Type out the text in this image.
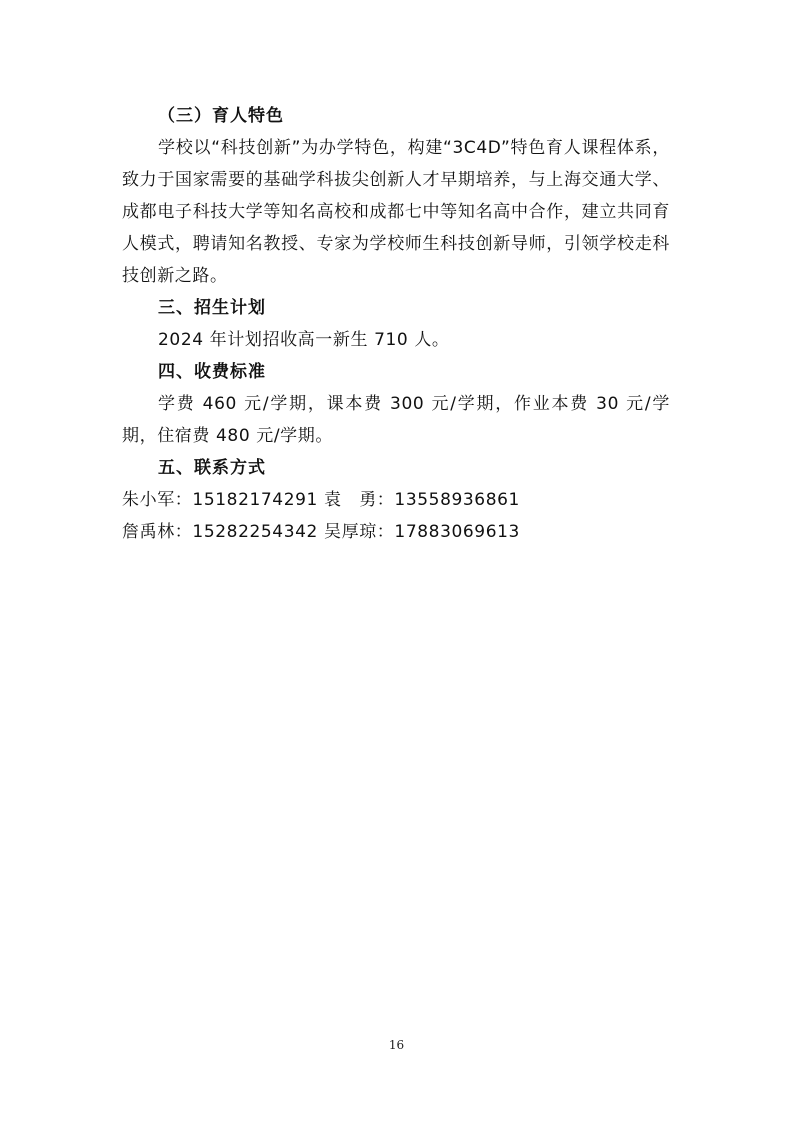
（三）育人特色

学校以“科技创新”为办学特色，构建“3C4D”特色育人课程体系，致力于国家需要的基础学科拔尖创新人才早期培养，与上海交通大学、成都电子科技大学等知名高校和成都七中等知名高中合作，建立共同育人模式，聘请知名教授、专家为学校师生科技创新导师，引领学校走科技创新之路。

三、招生计划
2024 年计划招收高一新生 710 人。
四、收费标准

学费 460 元/学期，课本费 300 元/学期，作业本费 30 元/学期，住宿费 480 元/学期。

五、联系方式
朱小军：15182174291 袁　勇：13558936861
詹禹林：15282254342 吴厚琼：17883069613
16
